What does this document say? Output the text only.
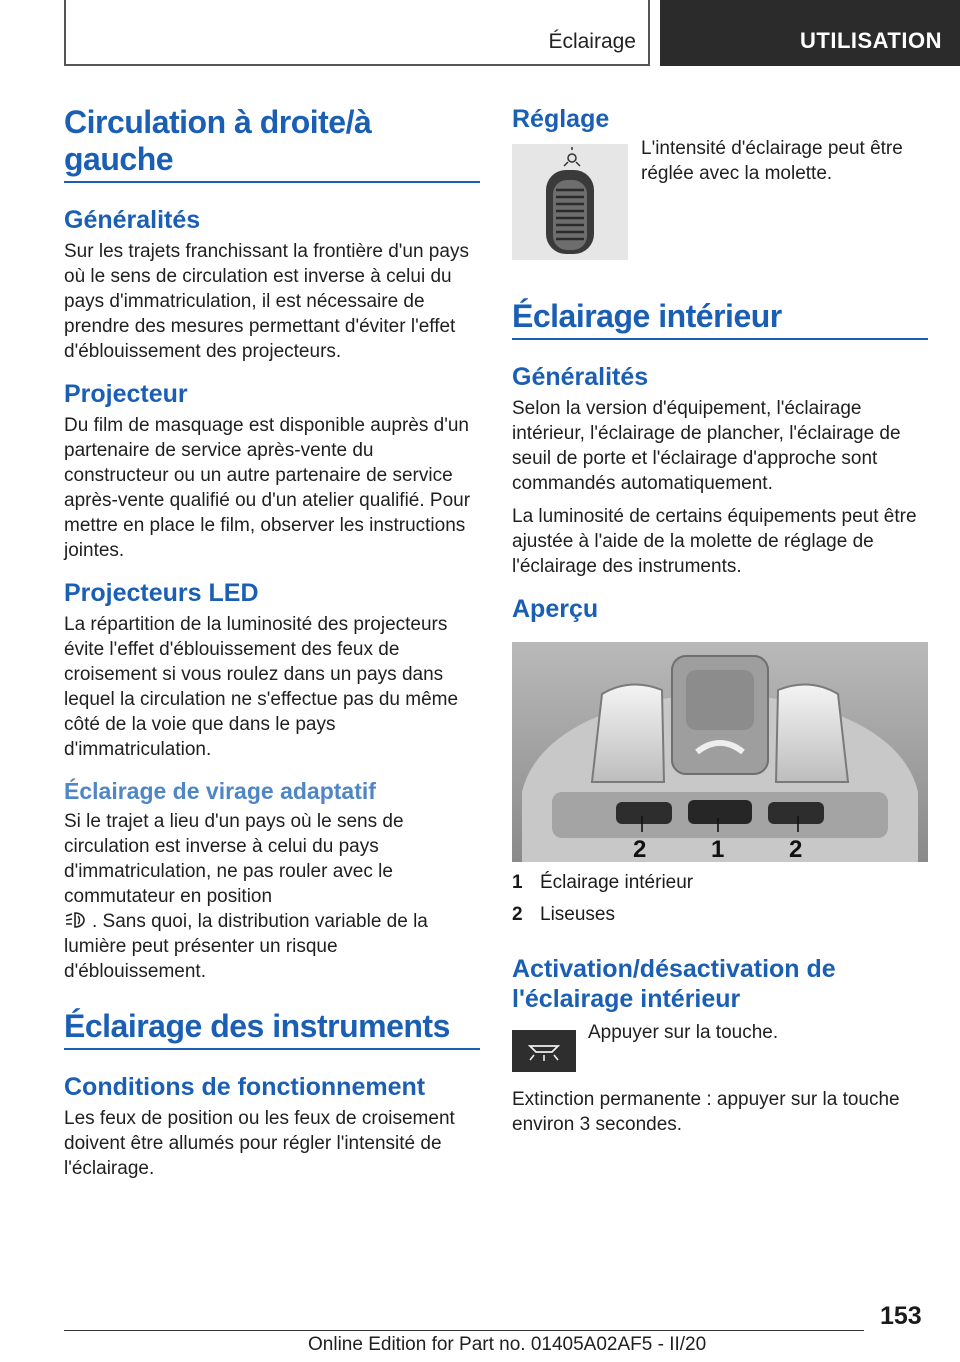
Éclairage	UTILISATION
Circulation à droite/à gauche
Généralités
Sur les trajets franchissant la frontière d'un pays où le sens de circulation est inverse à celui du pays d'immatriculation, il est nécessaire de prendre des mesures permettant d'éviter l'effet d'éblouissement des projecteurs.
Projecteur
Du film de masquage est disponible auprès d'un partenaire de service après-vente du constructeur ou un autre partenaire de service après-vente qualifié ou d'un atelier qualifié. Pour mettre en place le film, observer les instructions jointes.
Projecteurs LED
La répartition de la luminosité des projecteurs évite l'effet d'éblouissement des feux de croisement si vous roulez dans un pays dans lequel la circulation ne s'effectue pas du même côté de la voie que dans le pays d'immatriculation.
Éclairage de virage adaptatif
Si le trajet a lieu d'un pays où le sens de circulation est inverse à celui du pays d'immatriculation, ne pas rouler avec le commutateur en position
. Sans quoi, la distribution variable de la lumière peut présenter un risque d'éblouissement.
Éclairage des instruments
Conditions de fonctionnement
Les feux de position ou les feux de croisement doivent être allumés pour régler l'intensité de l'éclairage.
Réglage
L'intensité d'éclairage peut être réglée avec la molette.
Éclairage intérieur
Généralités
Selon la version d'équipement, l'éclairage intérieur, l'éclairage de plancher, l'éclairage de seuil de porte et l'éclairage d'approche sont commandés automatiquement.
La luminosité de certains équipements peut être ajustée à l'aide de la molette de réglage de l'éclairage des instruments.
Aperçu
2	1	2
1 Éclairage intérieur
2 Liseuses
Activation/désactivation de l'éclairage intérieur
Appuyer sur la touche.
Extinction permanente : appuyer sur la touche environ 3 secondes.
153
Online Edition for Part no. 01405A02AF5 - II/20
